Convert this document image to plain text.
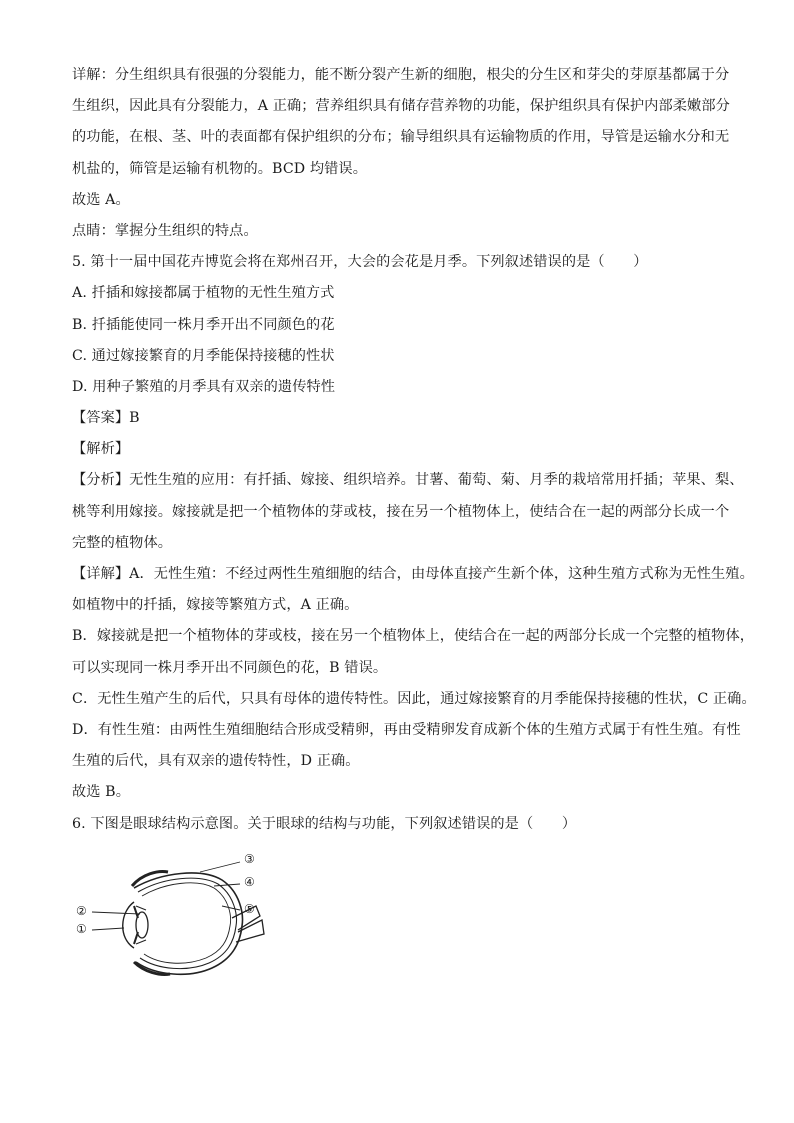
详解：分生组织具有很强的分裂能力，能不断分裂产生新的细胞，根尖的分生区和芽尖的芽原基都属于分
生组织，因此具有分裂能力，A 正确；营养组织具有储存营养物的功能，保护组织具有保护内部柔嫩部分
的功能，在根、茎、叶的表面都有保护组织的分布；输导组织具有运输物质的作用，导管是运输水分和无
机盐的，筛管是运输有机物的。BCD 均错误。
故选 A。
点睛：掌握分生组织的特点。
5. 第十一届中国花卉博览会将在郑州召开，大会的会花是月季。下列叙述错误的是（　　）
A. 扦插和嫁接都属于植物的无性生殖方式
B. 扦插能使同一株月季开出不同颜色的花
C. 通过嫁接繁育的月季能保持接穗的性状
D. 用种子繁殖的月季具有双亲的遗传特性
【答案】B
【解析】
【分析】无性生殖的应用：有扦插、嫁接、组织培养。甘薯、葡萄、菊、月季的栽培常用扦插；苹果、梨、
桃等利用嫁接。嫁接就是把一个植物体的芽或枝，接在另一个植物体上，使结合在一起的两部分长成一个
完整的植物体。
【详解】A．无性生殖：不经过两性生殖细胞的结合，由母体直接产生新个体，这种生殖方式称为无性生殖。
如植物中的扦插，嫁接等繁殖方式，A 正确。
B．嫁接就是把一个植物体的芽或枝，接在另一个植物体上，使结合在一起的两部分长成一个完整的植物体，
可以实现同一株月季开出不同颜色的花，B 错误。
C．无性生殖产生的后代，只具有母体的遗传特性。因此，通过嫁接繁育的月季能保持接穗的性状，C 正确。
D．有性生殖：由两性生殖细胞结合形成受精卵，再由受精卵发育成新个体的生殖方式属于有性生殖。有性
生殖的后代，具有双亲的遗传特性，D 正确。
故选 B。
6. 下图是眼球结构示意图。关于眼球的结构与功能，下列叙述错误的是（　　）
③
④
⑤
②
①
